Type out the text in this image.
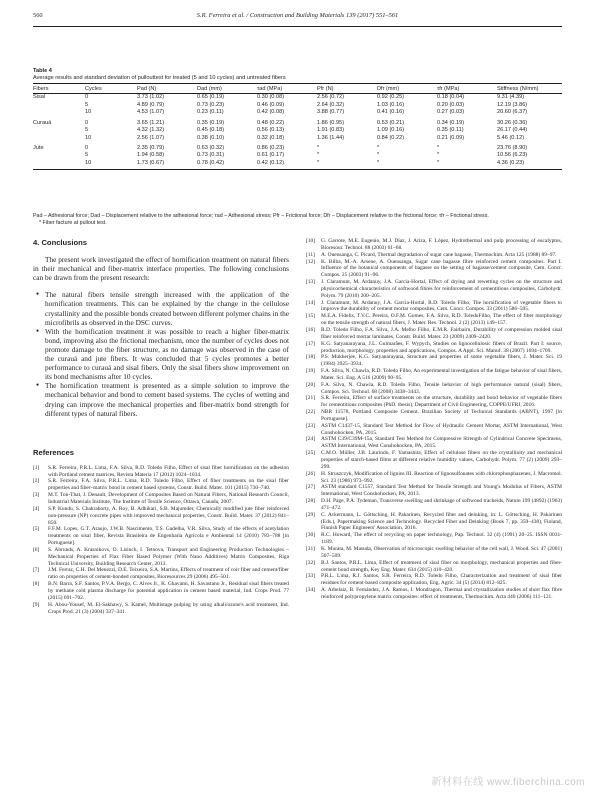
560	S.R. Ferreira et al. / Construction and Building Materials 139 (2017) 551–561
Table 4
Average results and standard deviation of pullouttest for treated (5 and 10 cycles) and untreated fibers
Fibers	Cycles	Pad (N)	Dad (mm)	τad (MPa)	Pfr (N)	Dfr (mm)	τfr (MPa)	Stiffness (N/mm)
Sisal	0	3.73 (1.02)	0.65 (0.19)	0.30 (0.08)	2.56 (0.72)	0.92 (0.25)	0.18 (0.04)	9.31 (4.39)
	5	4.89 (0.79)	0.73 (0.23)	0.46 (0.09)	2.64 (0.32)	1.03 (0.16)	0.20 (0.03)	12.19 (3.86)
	10	4.53 (1.07)	0.23 (0.11)	0.42 (0.08)	3.88 (0.77)	0.41 (0.16)	0.27 (0.03)	20.60 (6.37)
Curauá	0	3.65 (1.21)	0.35 (0.19)	0.48 (0.22)	1.86 (0.95)	0.53 (0.21)	0.34 (0.19)	30.26 (0.36)
	5	4.32 (1.32)	0.45 (0.18)	0.56 (0.13)	1.91 (0.83)	1.09 (0.16)	0.35 (0.11)	26.17 (0.44)
	10	2.56 (1.07)	0.38 (0.10)	0.32 (0.18)	1.36 (1.44)	0.84 (0.22)	0.21 (0.09)	5.46 (0.12)
Jute	0	2.35 (0.79)	0.63 (0.32)	0.86 (0.23)	*	*	*	23.76 (8.90)
	5	1.94 (0.58)	0.73 (0.31)	0.61 (0.17)	*	*	*	10.56 (6.23)
	10	1.73 (0.67)	0.78 (0.42)	0.42 (0.12)	*	*	*	4.36 (0.23)
Pad – Adhesional force; Dad – Displacement relative to the adhesional force; τad – Adhesional stress; Pfr – Frictional force; Dfr – Displacement relative to the frictional force; τfr – Frictional stress.
* Fiber facture at pullout test.
4. Conclusions

The present work investigated the effect of hornification treatment on natural fibers in their mechanical and fiber-matrix interface properties. The following conclusions can be drawn from the present research:

● The natural fibers tensile strength increased with the application of the hornification treatments. This can be explained by the change in the cellulose crystallinity and the possible bonds created between different polymer chains in the microfibrils as observed in the DSC curves.
● With the hornification treatment it was possible to reach a higher fiber-matrix bond, improving also the frictional mechanism, once the number of cycles does not promote damage to the fiber structure, as no damage was observed in the case of the curauá and jute fibers. It was concluded that 5 cycles promotes a better performance to curauá and sisal fibers. Only the sisal fibers show improvement on its bond mechanisms after 10 cycles.
● The hornification treatment is presented as a simple solution to improve the mechanical behavior and bond to cement based systems. The cycles of wetting and drying can improve the mechanical properties and fiber-matrix bond strength for different types of natural fibers.
References
[1] S.R. Ferreira, P.R.L. Lima, F.A. Silva, R.D. Toledo Filho, Effect of sisal fiber hornification on the adhesion with Portland cement matrices, Revista Materia 17 (2012) 1024–1034.
[2] S.R. Ferreira, F.A. Silva, P.R.L. Lima, R.D. Toledo Filho, Effect of fiber treatments on the sisal fiber properties and fiber–matrix bond in cement based systems, Constr. Build. Mater. 101 (2015) 730–740.
[3] M.T. Ton-That, J. Denault, Development of Composites Based on Natural Fibers, National Research Council, Industrial Materials Institute, The Institute of Textile Science, Ottawa, Canada, 2007.
[4] S.P. Kundu, S. Chakraborty, A. Roy, B. Adhikari, S.B. Majumder, Chemically modified jute fiber reinforced non-pressure (NP) concrete pipes with improved mechanical properties, Constr. Build. Mater. 37 (2012) 841–850.
[5] F.F.M. Lopes, G.T. Araujo, J.W.B. Nascimento, T.S. Gadelha, V.R. Silva, Study of the effects of acetylation treatments on sisal fiber, Revista Brasileira de Engenharia Agrícola e Ambiental 14 (2010) 783–788 [in Portuguese].
[6] S. Abrunds, A. Krasnikovs, O. Lisinch, I. Tetnova, Transport and Engineering Production Technologies – Mechanical Properties of Flax Fiber Based Polymer (With Nano Additives) Matrix Composites, Riga Technical University, Building Research Center, 2013.
[7] J.M. Ferraz, C.H. Del Menezzi, D.E. Teixeira, S.A. Martins, Effects of treatment of coir fiber and cement/fiber ratio on properties of cement-bonded composites, Bioresources 29 (2006) 495–501.
[8] B.N. Barra, S.F. Santos, P.V.A. Bergo, C. Alves Jr., K. Ghavami, H. Savastano Jr., Residual sisal fibers treated by methane cold plasma discharge for potential application in cement based material, Ind. Crops Prod. 77 (2015) 691–702.
[9] H. Abou-Yousef, M. El-Sakhawy, S. Kamel, Multistage pulping by using alkali/ozone's acid treatment, Ind. Crops Prod. 21 (3) (2004) 337–341.
[10] G. Garrote, M.E. Eugenio, M.J. Díaz, J. Ariza, F. López, Hydrothermal and pulp processing of eucalyptus, Bioresour. Technol. 88 (2003) 61–68.
[11] A. Ouensanga, C. Picard, Thermal degradation of sugar cane bagasse, Thermochim. Acta 125 (1988) 89–97.
[12] K. Bilba, M.-A. Arsene, A. Ouensanga, Sugar cane bagasse fibre reinforced cement composites. Part I. Influence of the botanical components of bagasse on the setting of bagasse/cement composite, Cem. Concr. Compos. 25 (2003) 91–96.
[13] J. Claramunt, M. Ardanuy, J.A. García-Hortal, Effect of drying and rewetting cycles on the structure and physicochemical characteristics of softwood fibres for reinforcement of cementitious composites, Carbohydr. Polym. 79 (2010) 200–205.
[14] J. Claramunt, M. Ardanuy, J.A. García-Hortal, R.D. Toledo Filho, The hornification of vegetable fibers to improve the durability of cement mortar composites, Cem. Concr. Compos. 33 (2011) 586–595.
[15] M.E.A. Fidelis, T.V.C. Pereira, O.F.M. Gomes, F.A. Silva, R.D. ToledoFilho, The effect of fiber morphology on the tensile strength of natural fibers, J. Mater. Res. Technol. 2 (2) (2013) 149–157.
[16] R.D. Toledo Filho, F.A. Silva, J.A. Melho Filho, E.M.R. Fairbairn, Durability of compression molded sisal fiber reinforced mortar laminates, Constr. Build. Mater. 23 (2009) 2409–2420.
[17] K.G. Satyanarayana, J.L. Guimarães, F. Wypych, Studies on lignocellulosic fibers of Brazil. Part I: source, production, morphology, properties and applications, Compos. A Appl. Sci. Manuf. 38 (2007) 1694–1709.
[18] P.S. Mukherjee, K.G. Satyanarayana, Structure and properties of some vegetable fibers, J. Mater. Sci. 19 (1984) 3925–3934.
[19] F.A. Silva, N. Chawla, R.D. Toledo Filho, An experimental investigation of the fatigue behavior of sisal fibers, Mater. Sci. Eng. A 516 (2009) 90–95.
[20] F.A. Silva, N. Chawla, R.D. Toledo Filho, Tensile behavior of high performance natural (sisal) fibers, Compos. Sci. Technol. 68 (2008) 3438–3443.
[21] S.R. Ferreira, Effect of surface treatments on the structure, durability and bond behavior of vegetable fibers for cementitious composites (PhD. thesis), Department of Civil Engineering, COPPE/UFRJ, 2016.
[22] NBR 11578, Portland Composite Cement. Brazilian Society of Technical Standards (ABNT), 1997 [in Portuguese].
[23] ASTM C1437-15, Standard Test Method for Flow of Hydraulic Cement Mortar, ASTM International, West Conshohocken, PA, 2015.
[24] ASTM C39/C39M-15a, Standard Test Method for Compressive Strength of Cylindrical Concrete Specimens, ASTM International, West Conshohocken, PA, 2015.
[25] C.M.O. Müller, J.B. Laurindo, F. Yamashita, Effect of cellulose fibers on the crystallinity and mechanical properties of starch-based films at different relative humidity values, Carbohydr. Polym. 77 (2) (2009) 293–299.
[26] H. Struszczyk, Modification of lignins III. Reaction of lignosulfonates with chlorophosphazenes, J. Macromol. Sci. 23 (1986) 973–992.
[27] ASTM standard C1557, Standard Test Method for Tensile Strength and Young's Modulus of Fibers, ASTM International, West Conshohocken, PA, 2013.
[28] D.H. Page, P.A. Tydeman, Transverse swelling and shrinkage of softwood tracheids, Nature 199 (4892) (1963) 471–472.
[29] C. Ackermann, L. Göttsching, H. Pakarinen, Recycled fiber and deinking, in: L. Göttsching, H. Pakarinen (Eds.), Papermaking Science and Technology. Recycled Fiber and Deinking (Book 7, pp. 359–438), Finland, Finnish Paper Engineers' Association, 2016.
[30] R.C. Howard, The effect of recycling on paper technology, Pap. Technol. 32 (4) (1991) 20–25. ISSN 0031-1189.
[31] K. Murata, M. Masuda, Observation of microscopic swelling behavior of the cell wall, J. Wood. Sci. 47 (2001) 507–509.
[32] R.J. Santos, P.R.L. Lima, Effect of treatment of sisal fiber on morphology, mechanical properties and fiber-cement bond strength, Key Eng. Mater. 634 (2015) 410–420.
[33] P.R.L. Lima, R.J. Santos, S.R. Ferreira, R.D. Toledo Filho, Characterization and treatment of sisal fiber residues for cement-based composite application, Eng. Agríc. 34 (5) (2014) 812–825.
[34] A. Arbelaiz, B. Fernández, J.A. Ramos, I. Mondragon, Thermal and crystallization studies of short flax fibre reinforced polypropylene matrix composites: effect of treatments, Thermochim. Acta 440 (2006) 111–121.
新材料在线 www.fiberchina.com
